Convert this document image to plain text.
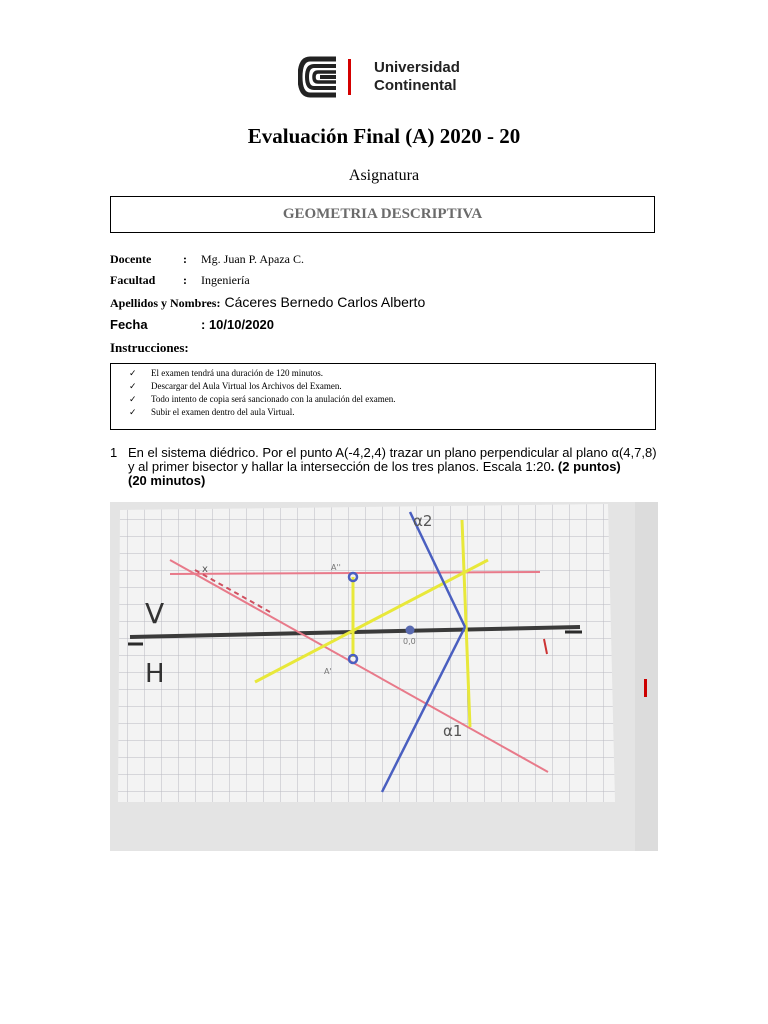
Universidad
Continental
Evaluación Final (A) 2020 - 20
Asignatura
GEOMETRIA DESCRIPTIVA
Docente	: Mg. Juan P. Apaza C.
Facultad : Ingeniería
Apellidos y Nombres: Cáceres Bernedo Carlos Alberto
Fecha	: 10/10/2020
Instrucciones:
✓ El examen tendrá una duración de 120 minutos.
✓ Descargar del Aula Virtual los Archivos del Examen.
✓ Todo intento de copia será sancionado con la anulación del examen.
✓ Subir el examen dentro del aula Virtual.
1 En el sistema diédrico. Por el punto A(-4,2,4) trazar un plano perpendicular al plano α(4,7,8) y al primer bisector y hallar la intersección de los tres planos. Escala 1:20. (2 puntos)
(20 minutos)
V
H
α2
α1
A''
A'
0,0
x
